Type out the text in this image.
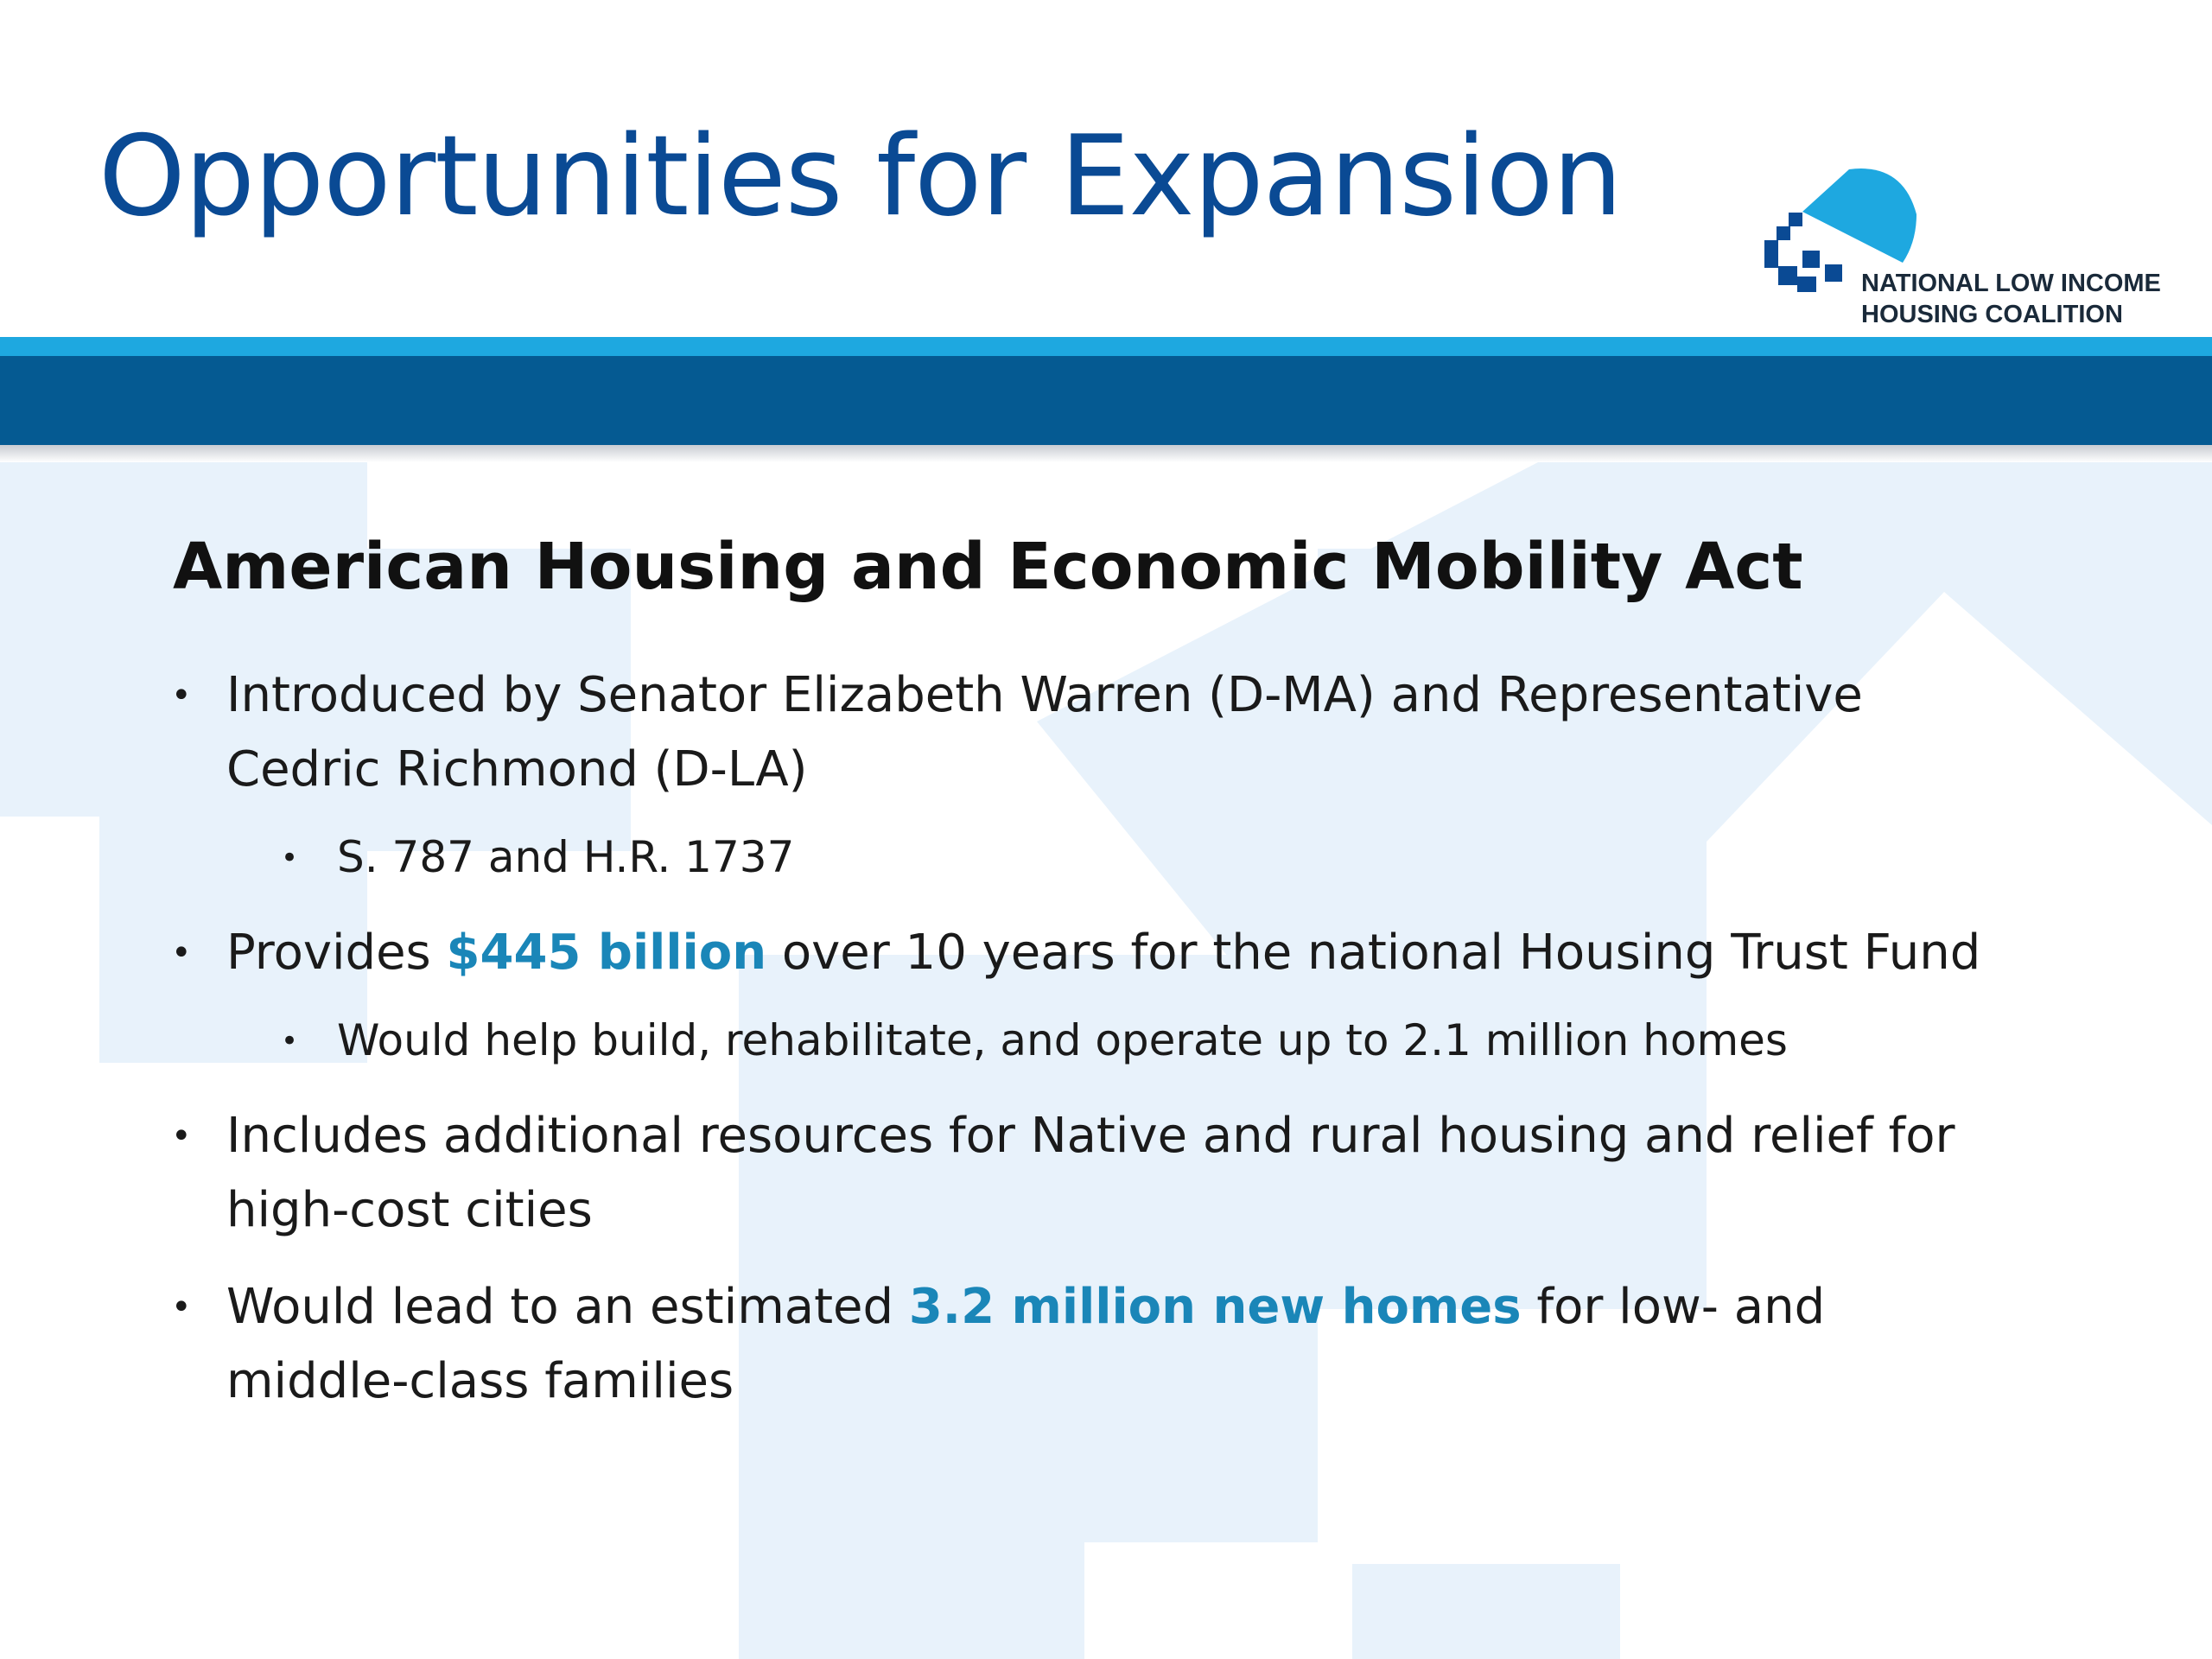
Opportunities for Expansion

NATIONAL LOW INCOME
HOUSING COALITION

American Housing and Economic Mobility Act
• Introduced by Senator Elizabeth Warren (D-MA) and Representative

Cedric Richmond (D-LA)

• S. 787 and H.R. 1737

• Provides $445 billion over 10 years for the national Housing Trust Fund

• Would help build, rehabilitate, and operate up to 2.1 million homes

• Includes additional resources for Native and rural housing and relief for

high-cost cities

• Would lead to an estimated 3.2 million new homes for low- and

middle-class families
